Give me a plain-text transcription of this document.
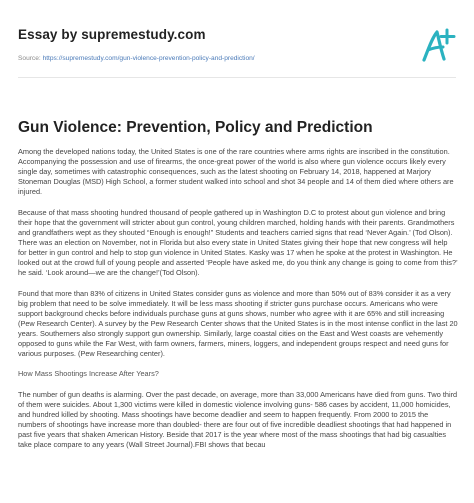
Essay by supremestudy.com
Source: https://supremestudy.com/gun-violence-prevention-policy-and-prediction/
Gun Violence: Prevention, Policy and Prediction

Among the developed nations today, the United States is one of the rare countries where arms rights are inscribed in the constitution. Accompanying the possession and use of firearms, the once-great power of the world is also where gun violence occurs likely every single day, sometimes with catastrophic consequences, such as the latest shooting on February 14, 2018, happened at Marjory Stoneman Douglas (MSD) High School, a former student walked into school and shot 34 people and 14 of them died where others are injured.

Because of that mass shooting hundred thousand of people gathered up in Washington D.C to protest about gun violence and bring their hope that the government will stricter about gun control, young children marched, holding hands with their parents. Grandmothers and grandfathers wept as they shouted “Enough is enough!” Students and teachers carried signs that read ‘Never Again.’ (Tod Olson). There was an election on November, not in Florida but also every state in United States giving their hope that new congress will help for better in gun control and help to stop gun violence in United States. Kasky was 17 when he spoke at the protest in Washington. He looked out at the crowd full of young people and asserted ‘People have asked me, do you think any change is going to come from this?’ he said. ‘Look around—we are the change!’(Tod Olson).

Found that more than 83% of citizens in United States consider guns as violence and more than 50% out of 83% consider it as a very big problem that need to be solve immediately. It will be less mass shooting if stricter guns purchase occurs. Americans who were support background checks before individuals purchase guns at guns shows, number who agree with it are 65% and still increasing (Pew Research Center). A survey by the Pew Research Center shows that the United States is in the most intense conflict in the last 20 years. Southerners also strongly support gun ownership. Similarly, large coastal cities on the East and West coasts are vehemently opposed to guns while the Far West, with farm owners, farmers, miners, loggers, and independent groups respect and need guns for various purposes. (Pew Researching center).

How Mass Shootings Increase After Years?

The number of gun deaths is alarming. Over the past decade, on average, more than 33,000 Americans have died from guns. Two third of them were suicides. About 1,300 victims were killed in domestic violence involving guns- 586 cases by accident, 11,000 homicides, and hundred killed by shooting. Mass shootings have become deadlier and seem to happen frequently. From 2000 to 2015 the numbers of shootings have increase more than doubled- there are four out of five incredible deadliest shootings that had happened in past five years that shaken American History. Beside that 2017 is the year where most of the mass shootings that had big casualties take place compare to any years (Wall Street Journal).FBI shows that becau
